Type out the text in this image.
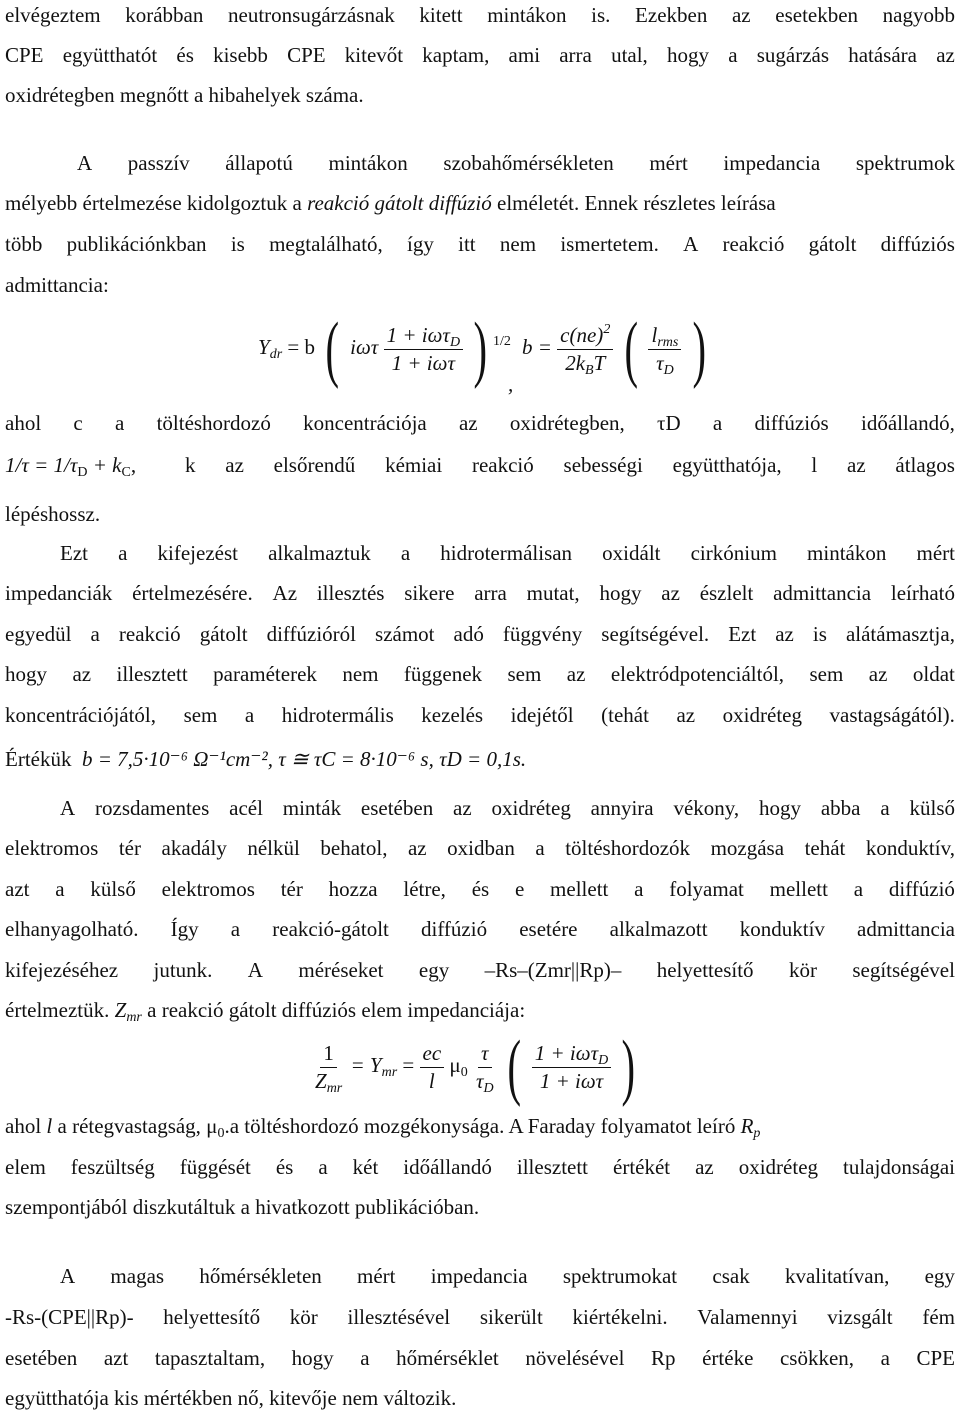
elvégeztem korábban neutronsugárzásnak kitett mintákon is. Ezekben az esetekben nagyobb
CPE együtthatót és kisebb CPE kitevőt kaptam, ami arra utal, hogy a sugárzás hatására az
oxidrétegben megnőtt a hibahelyek száma.
A passzív állapotú mintákon szobahőmérsékleten mért impedancia spektrumok
mélyebb értelmezése kidolgoztuk a reakció gátolt diffúzió elméletét. Ennek részletes leírása
több publikációnkban is megtalálható, így itt nem ismertetem. A reakció gátolt diffúziós
admittancia:
$Y_{dr} = b$ ( iωτ $\frac{1 + i\omega\tau_D}{\text{1 + iωτ}}$ ) $^{1/2}$
,
$b = \frac{c(ne)^2}{2k_BT}$ ( $\frac{l_{rms}}{\tau_D}$ )
ahol c a töltéshordozó koncentrációja az oxidrétegben, τD a diffúziós időállandó,
$1/\tau = 1/\tau_D + k_C$, k az elsőrendű kémiai reakció sebességi együtthatója, l az átlagos
lépéshossz.
Ezt a kifejezést alkalmaztuk a hidrotermálisan oxidált cirkónium mintákon mért
impedanciák értelmezésére. Az illesztés sikere arra mutat, hogy az észlelt admittancia leírható
egyedül a reakció gátolt diffúzióról számot adó függvény segítségével. Ezt az is alátámasztja,
hogy az illesztett paraméterek nem függenek sem az elektródpotenciáltól, sem az oldat
koncentrációjától, sem a hidrotermális kezelés idejétől (tehát az oxidréteg vastagságától).
Értékük b = 7,5·10⁻⁶ Ω⁻¹cm⁻², τ ≅ τC = 8·10⁻⁶ s, τD = 0,1s.
A rozsdamentes acél minták esetében az oxidréteg annyira vékony, hogy abba a külső
elektromos tér akadály nélkül behatol, az oxidban a töltéshordozók mozgása tehát konduktív,
azt a külső elektromos tér hozza létre, és e mellett a folyamat mellett a diffúzió
elhanyagolható. Így a reakció-gátolt diffúzió esetére alkalmazott konduktív admittancia
kifejezéséhez jutunk. A méréseket egy –Rs–(Zmr||Rp)– helyettesítő kör segítségével
értelmeztük. $Z_{mr}$ a reakció gátolt diffúziós elem impedanciája:
$\frac{1}{Z_{mr}} = Y_{mr} = \frac{ec}{l} \mu_0 \frac{\tau}{\tau_D}$ ( $\frac{1 + i\omega\tau_D}{\text{1 + iωτ}}$ )
ahol l a rétegvastagság, $\mu_0.a$ töltéshordozó mozgékonysága. A Faraday folyamatot leíró $R_p$
elem feszültség függését és a két időállandó illesztett értékét az oxidréteg tulajdonságai
szempontjából diszkutáltuk a hivatkozott publikációban.
A magas hőmérsékleten mért impedancia spektrumokat csak kvalitatívan, egy
-Rs-(CPE||Rp)- helyettesítő kör illesztésével sikerült kiértékelni. Valamennyi vizsgált fém
esetében azt tapasztaltam, hogy a hőmérséklet növelésével Rp értéke csökken, a CPE
együtthatója kis mértékben nő, kitevője nem változik.
